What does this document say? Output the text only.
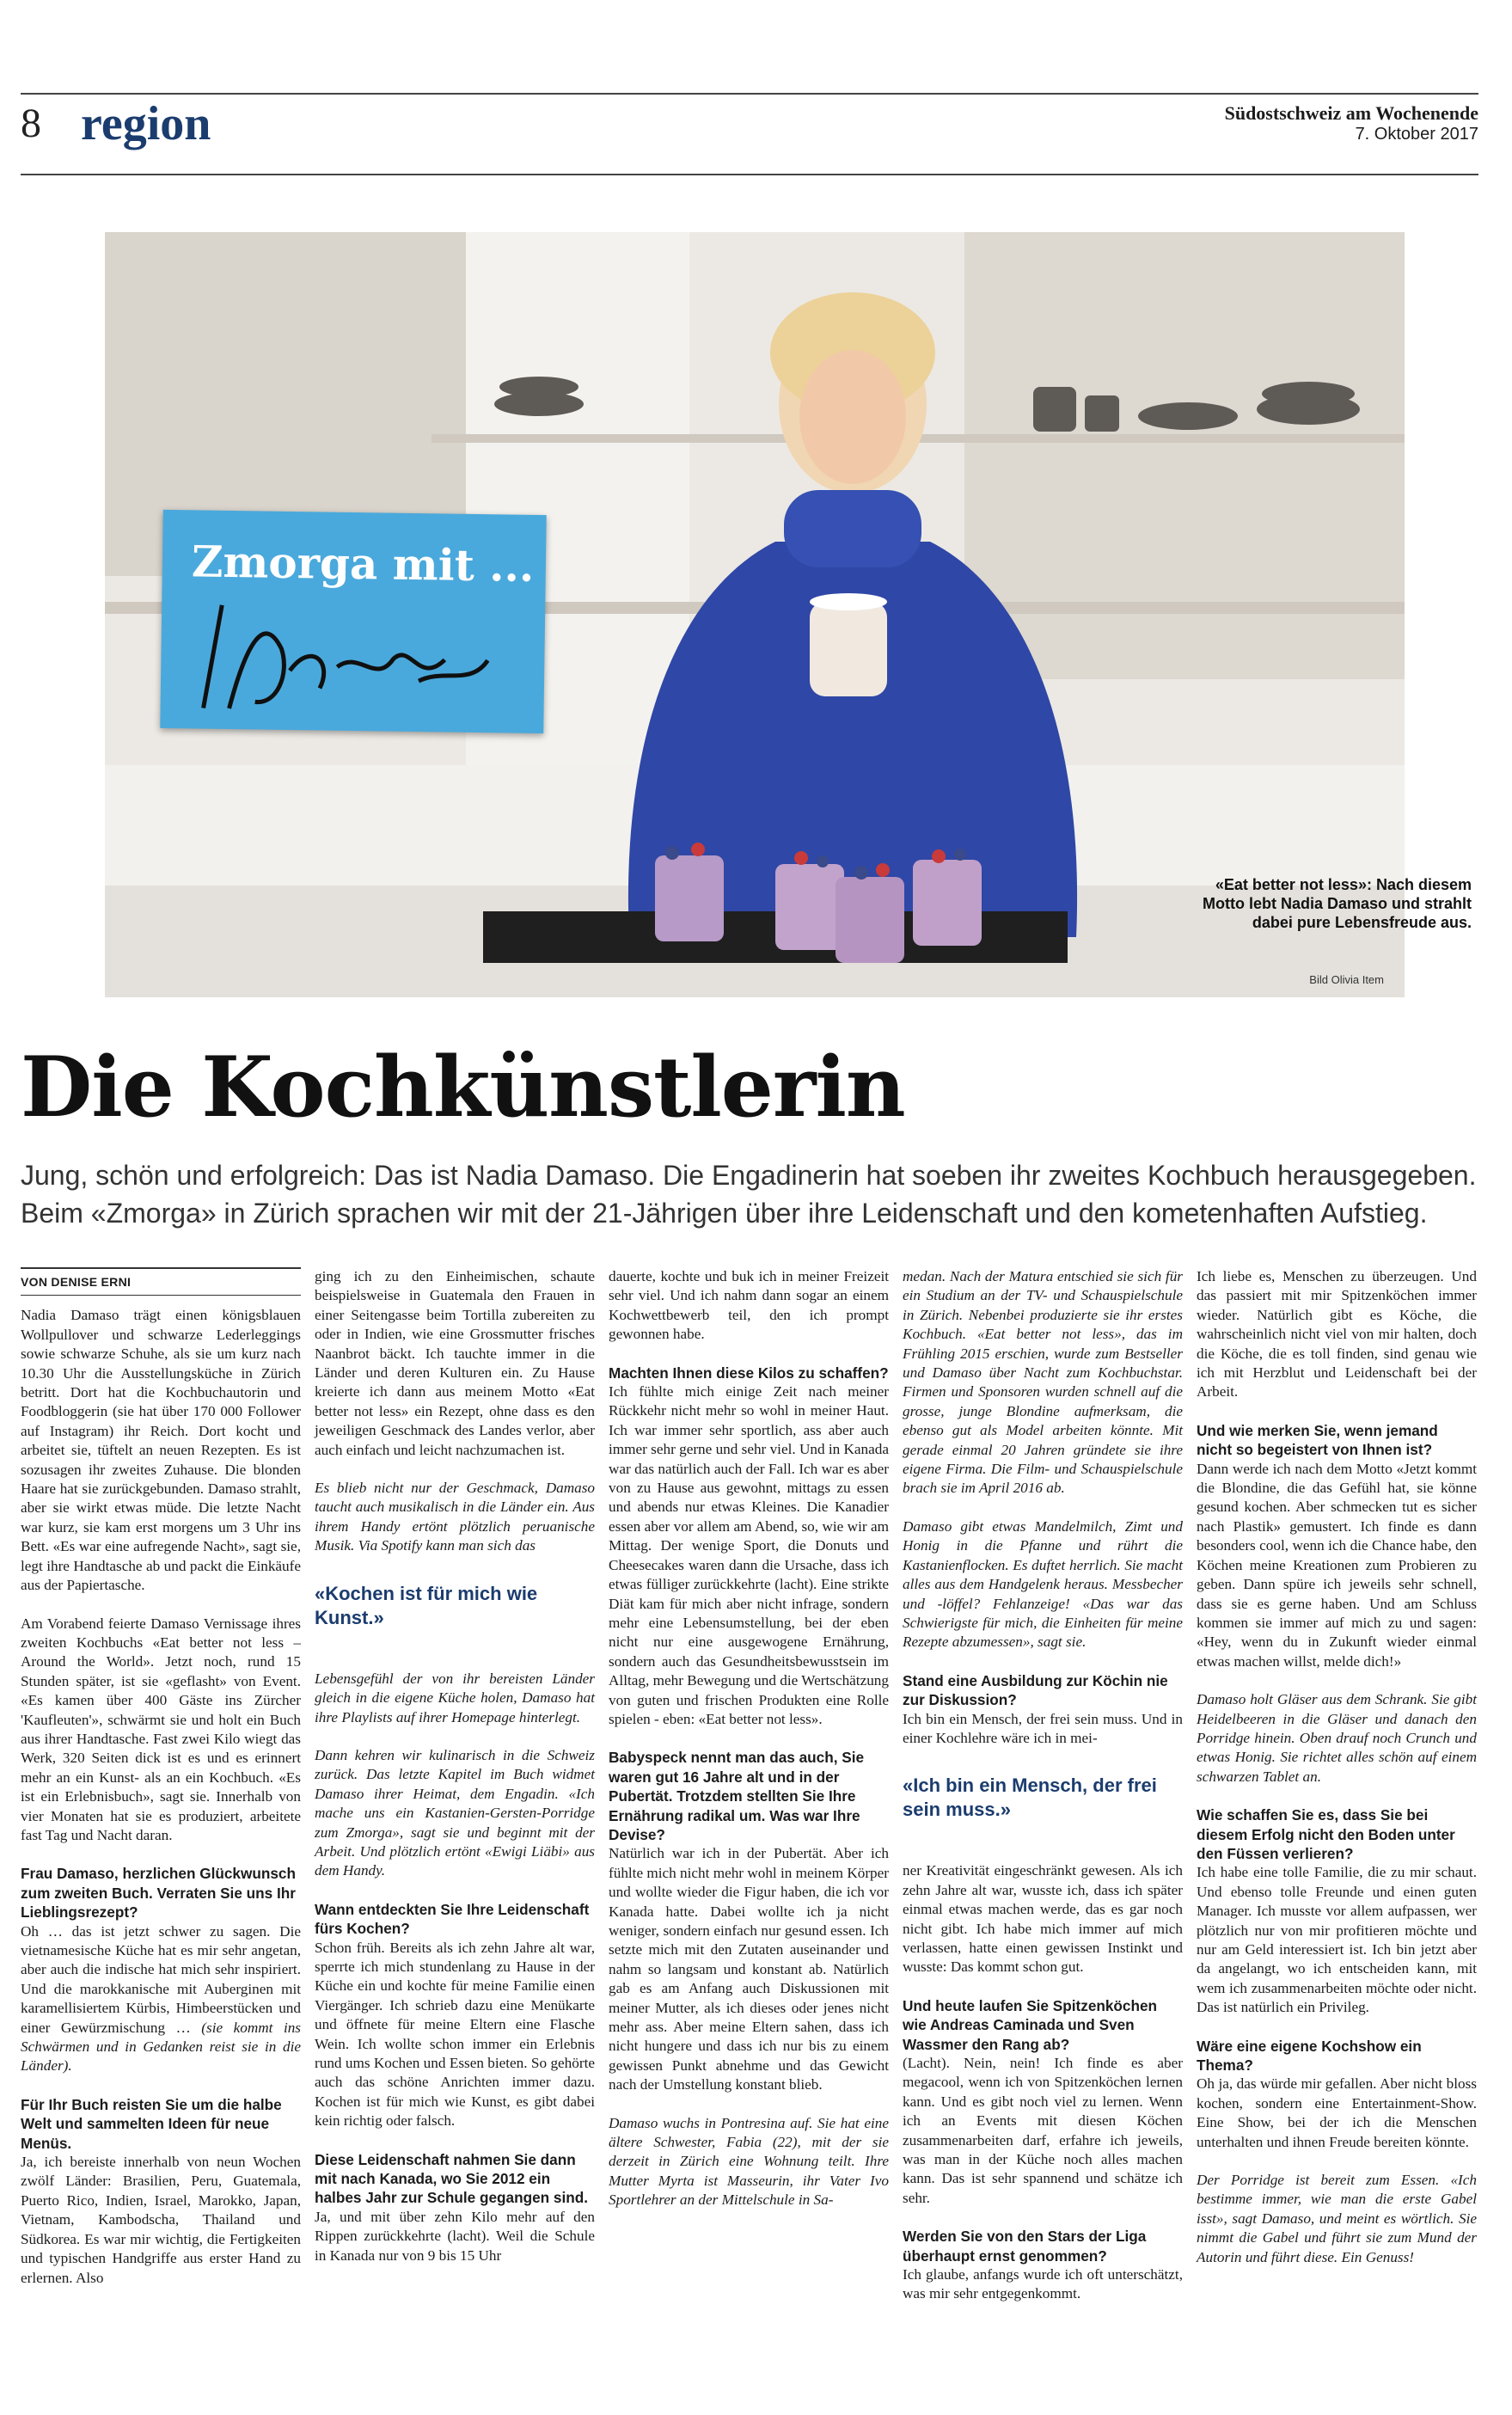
8 region	Südostschweiz am Wochenende
7. Oktober 2017
Zmorga mit ...
«Eat better not less»: Nach diesem Motto lebt Nadia Damaso und strahlt dabei pure Lebensfreude aus.
Bild Olivia Item
Die Kochkünstlerin
Jung, schön und erfolgreich: Das ist Nadia Damaso. Die Engadinerin hat soeben ihr zweites Kochbuch herausgegeben. Beim «Zmorga» in Zürich sprachen wir mit der 21-Jährigen über ihre Leidenschaft und den kometenhaften Aufstieg.
VON DENISE ERNI

Nadia Damaso trägt einen königsblauen Wollpullover und schwarze Lederleggings sowie schwarze Schuhe, als sie um kurz nach 10.30 Uhr die Ausstellungsküche in Zürich betritt. Dort hat die Kochbuchautorin und Foodbloggerin (sie hat über 170 000 Follower auf Instagram) ihr Reich. Dort kocht und arbeitet sie, tüftelt an neuen Rezepten. Es ist sozusagen ihr zweites Zuhause. Die blonden Haare hat sie zurückgebunden. Damaso strahlt, aber sie wirkt etwas müde. Die letzte Nacht war kurz, sie kam erst morgens um 3 Uhr ins Bett. «Es war eine aufregende Nacht», sagt sie, legt ihre Handtasche ab und packt die Einkäufe aus der Papiertasche.

Am Vorabend feierte Damaso Vernissage ihres zweiten Kochbuchs «Eat better not less – Around the World». Jetzt noch, rund 15 Stunden später, ist sie «geflasht» von Event. «Es kamen über 400 Gäste ins Zürcher 'Kaufleuten'», schwärmt sie und holt ein Buch aus ihrer Handtasche. Fast zwei Kilo wiegt das Werk, 320 Seiten dick ist es und es erinnert mehr an ein Kunst- als an ein Kochbuch. «Es ist ein Erlebnisbuch», sagt sie. Innerhalb von vier Monaten hat sie es produziert, arbeitete fast Tag und Nacht daran.

Frau Damaso, herzlichen Glückwunsch zum zweiten Buch. Verraten Sie uns Ihr Lieblingsrezept?

Oh … das ist jetzt schwer zu sagen. Die vietnamesische Küche hat es mir sehr angetan, aber auch die indische hat mich sehr inspiriert. Und die marokkanische mit Auberginen mit karamellisiertem Kürbis, Himbeerstücken und einer Gewürzmischung … (sie kommt ins Schwärmen und in Gedanken reist sie in die Länder).

Für Ihr Buch reisten Sie um die halbe Welt und sammelten Ideen für neue Menüs.

Ja, ich bereiste innerhalb von neun Wochen zwölf Länder: Brasilien, Peru, Guatemala, Puerto Rico, Indien, Israel, Marokko, Japan, Vietnam, Kambodscha, Thailand und Südkorea. Es war mir wichtig, die Fertigkeiten und typischen Handgriffe aus erster Hand zu erlernen. Also

ging ich zu den Einheimischen, schaute beispielsweise in Guatemala den Frauen in einer Seitengasse beim Tortilla zubereiten zu oder in Indien, wie eine Grossmutter frisches Naanbrot bäckt. Ich tauchte immer in die Länder und deren Kulturen ein. Zu Hause kreierte ich dann aus meinem Motto «Eat better not less» ein Rezept, ohne dass es den jeweiligen Geschmack des Landes verlor, aber auch einfach und leicht nachzumachen ist.

Es blieb nicht nur der Geschmack, Damaso taucht auch musikalisch in die Länder ein. Aus ihrem Handy ertönt plötzlich peruanische Musik. Via Spotify kann man sich das

«Kochen ist für mich wie Kunst.»

Lebensgefühl der von ihr bereisten Länder gleich in die eigene Küche holen, Damaso hat ihre Playlists auf ihrer Homepage hinterlegt.

Dann kehren wir kulinarisch in die Schweiz zurück. Das letzte Kapitel im Buch widmet Damaso ihrer Heimat, dem Engadin. «Ich mache uns ein Kastanien-Gersten-Porridge zum Zmorga», sagt sie und beginnt mit der Arbeit. Und plötzlich ertönt «Ewigi Liäbi» aus dem Handy.

Wann entdeckten Sie Ihre Leidenschaft fürs Kochen?

Schon früh. Bereits als ich zehn Jahre alt war, sperrte ich mich stundenlang zu Hause in der Küche ein und kochte für meine Familie einen Viergänger. Ich schrieb dazu eine Menükarte und öffnete für meine Eltern eine Flasche Wein. Ich wollte schon immer ein Erlebnis rund ums Kochen und Essen bieten. So gehörte auch das schöne Anrichten immer dazu. Kochen ist für mich wie Kunst, es gibt dabei kein richtig oder falsch.

Diese Leidenschaft nahmen Sie dann mit nach Kanada, wo Sie 2012 ein halbes Jahr zur Schule gegangen sind.

Ja, und mit über zehn Kilo mehr auf den Rippen zurückkehrte (lacht). Weil die Schule in Kanada nur von 9 bis 15 Uhr

dauerte, kochte und buk ich in meiner Freizeit sehr viel. Und ich nahm dann sogar an einem Kochwettbewerb teil, den ich prompt gewonnen habe.

Machten Ihnen diese Kilos zu schaffen?

Ich fühlte mich einige Zeit nach meiner Rückkehr nicht mehr so wohl in meiner Haut. Ich war immer sehr sportlich, ass aber auch immer sehr gerne und sehr viel. Und in Kanada war das natürlich auch der Fall. Ich war es aber von zu Hause aus gewohnt, mittags zu essen und abends nur etwas Kleines. Die Kanadier essen aber vor allem am Abend, so, wie wir am Mittag. Der wenige Sport, die Donuts und Cheesecakes waren dann die Ursache, dass ich etwas fülliger zurückkehrte (lacht). Eine strikte Diät kam für mich aber nicht infrage, sondern mehr eine Lebensumstellung, bei der eben nicht nur eine ausgewogene Ernährung, sondern auch das Gesundheitsbewusstsein im Alltag, mehr Bewegung und die Wertschätzung von guten und frischen Produkten eine Rolle spielen - eben: «Eat better not less».

Babyspeck nennt man das auch, Sie waren gut 16 Jahre alt und in der Pubertät. Trotzdem stellten Sie Ihre Ernährung radikal um. Was war Ihre Devise?

Natürlich war ich in der Pubertät. Aber ich fühlte mich nicht mehr wohl in meinem Körper und wollte wieder die Figur haben, die ich vor Kanada hatte. Dabei wollte ich ja nicht weniger, sondern einfach nur gesund essen. Ich setzte mich mit den Zutaten auseinander und nahm so langsam und konstant ab. Natürlich gab es am Anfang auch Diskussionen mit meiner Mutter, als ich dieses oder jenes nicht mehr ass. Aber meine Eltern sahen, dass ich nicht hungere und dass ich nur bis zu einem gewissen Punkt abnehme und das Gewicht nach der Umstellung konstant blieb.

Damaso wuchs in Pontresina auf. Sie hat eine ältere Schwester, Fabia (22), mit der sie derzeit in Zürich eine Wohnung teilt. Ihre Mutter Myrta ist Masseurin, ihr Vater Ivo Sportlehrer an der Mittelschule in Sa-

medan. Nach der Matura entschied sie sich für ein Studium an der TV- und Schauspielschule in Zürich. Nebenbei produzierte sie ihr erstes Kochbuch. «Eat better not less», das im Frühling 2015 erschien, wurde zum Bestseller und Damaso über Nacht zum Kochbuchstar. Firmen und Sponsoren wurden schnell auf die grosse, junge Blondine aufmerksam, die ebenso gut als Model arbeiten könnte. Mit gerade einmal 20 Jahren gründete sie ihre eigene Firma. Die Film- und Schauspielschule brach sie im April 2016 ab.

Damaso gibt etwas Mandelmilch, Zimt und Honig in die Pfanne und rührt die Kastanienflocken. Es duftet herrlich. Sie macht alles aus dem Handgelenk heraus. Messbecher und -löffel? Fehlanzeige! «Das war das Schwierigste für mich, die Einheiten für meine Rezepte abzumessen», sagt sie.

Stand eine Ausbildung zur Köchin nie zur Diskussion?

Ich bin ein Mensch, der frei sein muss. Und in einer Kochlehre wäre ich in mei-

«Ich bin ein Mensch, der frei sein muss.»

ner Kreativität eingeschränkt gewesen. Als ich zehn Jahre alt war, wusste ich, dass ich später einmal etwas machen werde, das es gar noch nicht gibt. Ich habe mich immer auf mich verlassen, hatte einen gewissen Instinkt und wusste: Das kommt schon gut.

Und heute laufen Sie Spitzenköchen wie Andreas Caminada und Sven Wassmer den Rang ab?

(Lacht). Nein, nein! Ich finde es aber megacool, wenn ich von Spitzenköchen lernen kann. Und es gibt noch viel zu lernen. Wenn ich an Events mit diesen Köchen zusammenarbeiten darf, erfahre ich jeweils, was man in der Küche noch alles machen kann. Das ist sehr spannend und schätze ich sehr.

Werden Sie von den Stars der Liga überhaupt ernst genommen?

Ich glaube, anfangs wurde ich oft unterschätzt, was mir sehr entgegenkommt.

Ich liebe es, Menschen zu überzeugen. Und das passiert mit mir Spitzenköchen immer wieder. Natürlich gibt es Köche, die wahrscheinlich nicht viel von mir halten, doch die Köche, die es toll finden, sind genau wie ich mit Herzblut und Leidenschaft bei der Arbeit.

Und wie merken Sie, wenn jemand nicht so begeistert von Ihnen ist?

Dann werde ich nach dem Motto «Jetzt kommt die Blondine, die das Gefühl hat, sie könne gesund kochen. Aber schmecken tut es sicher nach Plastik» gemustert. Ich finde es dann besonders cool, wenn ich die Chance habe, den Köchen meine Kreationen zum Probieren zu geben. Dann spüre ich jeweils sehr schnell, dass sie es gerne haben. Und am Schluss kommen sie immer auf mich zu und sagen: «Hey, wenn du in Zukunft wieder einmal etwas machen willst, melde dich!»

Damaso holt Gläser aus dem Schrank. Sie gibt Heidelbeeren in die Gläser und danach den Porridge hinein. Oben drauf noch Crunch und etwas Honig. Sie richtet alles schön auf einem schwarzen Tablet an.

Wie schaffen Sie es, dass Sie bei diesem Erfolg nicht den Boden unter den Füssen verlieren?

Ich habe eine tolle Familie, die zu mir schaut. Und ebenso tolle Freunde und einen guten Manager. Ich musste vor allem aufpassen, wer plötzlich nur von mir profitieren möchte und nur am Geld interessiert ist. Ich bin jetzt aber da angelangt, wo ich entscheiden kann, mit wem ich zusammenarbeiten möchte oder nicht. Das ist natürlich ein Privileg.

Wäre eine eigene Kochshow ein Thema?

Oh ja, das würde mir gefallen. Aber nicht bloss kochen, sondern eine Entertainment-Show. Eine Show, bei der ich die Menschen unterhalten und ihnen Freude bereiten könnte.

Der Porridge ist bereit zum Essen. «Ich bestimme immer, wie man die erste Gabel isst», sagt Damaso, und meint es wörtlich. Sie nimmt die Gabel und führt sie zum Mund der Autorin und führt diese. Ein Genuss!
